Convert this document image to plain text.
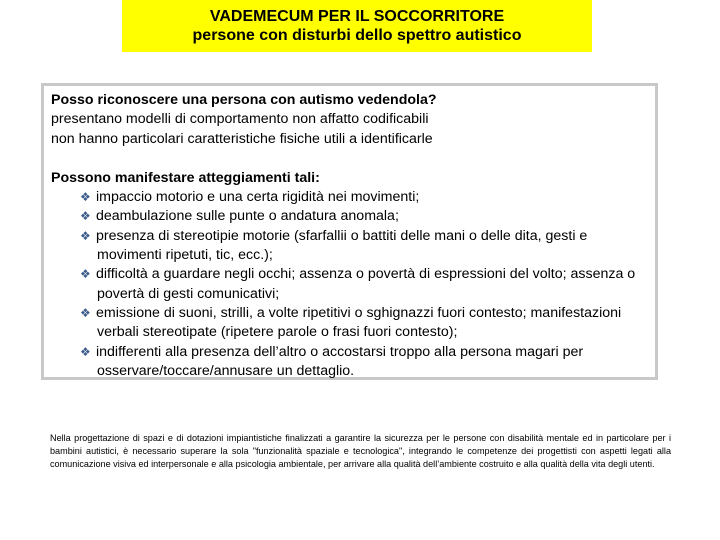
VADEMECUM PER IL SOCCORRITORE
persone con disturbi dello spettro autistico
Posso riconoscere una persona con autismo vedendola?
presentano modelli di comportamento non affatto codificabili
non hanno particolari caratteristiche fisiche utili a identificarle
Possono manifestare atteggiamenti tali:
❖ impaccio motorio e una certa rigidità nei movimenti;
❖ deambulazione sulle punte o andatura anomala;
❖ presenza di stereotipie motorie (sfarfallii o battiti delle mani o delle dita, gesti e movimenti ripetuti, tic, ecc.);
❖ difficoltà a guardare negli occhi; assenza o povertà di espressioni del volto; assenza o povertà di gesti comunicativi;
❖ emissione di suoni, strilli, a volte ripetitivi o sghignazzi fuori contesto; manifestazioni verbali stereotipate (ripetere parole o frasi fuori contesto);
❖ indifferenti alla presenza dell’altro o accostarsi troppo alla persona magari per osservare/toccare/annusare un dettaglio.
Nella progettazione di spazi e di dotazioni impiantistiche finalizzati a garantire la sicurezza per le persone con disabilità mentale ed in particolare per i bambini autistici, è necessario superare la sola "funzionalità spaziale e tecnologica", integrando le competenze dei progettisti con aspetti legati alla comunicazione visiva ed interpersonale e alla psicologia ambientale, per arrivare alla qualità dell’ambiente costruito e alla qualità della vita degli utenti.
